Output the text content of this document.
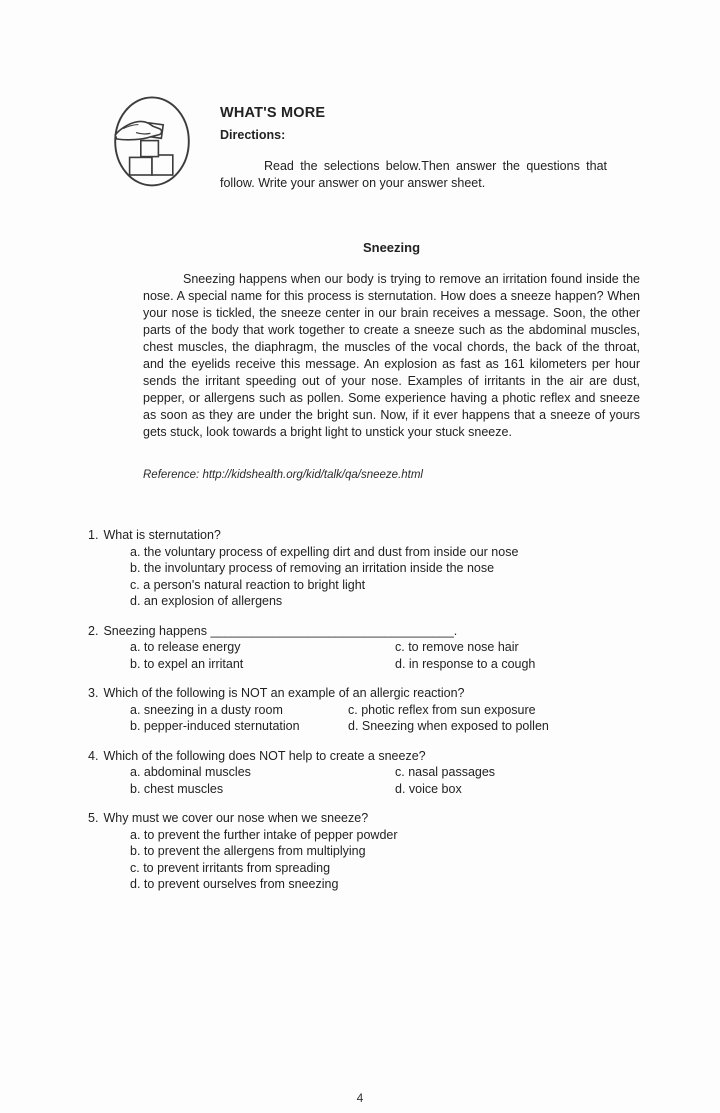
WHAT'S MORE
Directions:

Read the selections below.Then answer the questions that follow. Write your answer on your answer sheet.

Sneezing

Sneezing happens when our body is trying to remove an irritation found inside the nose. A special name for this process is sternutation. How does a sneeze happen? When your nose is tickled, the sneeze center in our brain receives a message. Soon, the other parts of the body that work together to create a sneeze such as the abdominal muscles, chest muscles, the diaphragm, the muscles of the vocal chords, the back of the throat, and the eyelids receive this message. An explosion as fast as 161 kilometers per hour sends the irritant speeding out of your nose. Examples of irritants in the air are dust, pepper, or allergens such as pollen. Some experience having a photic reflex and sneeze as soon as they are under the bright sun. Now, if it ever happens that a sneeze of yours gets stuck, look towards a bright light to unstick your stuck sneeze.

Reference: http://kidshealth.org/kid/talk/qa/sneeze.html

1. What is sternutation?
a. the voluntary process of expelling dirt and dust from inside our nose
b. the involuntary process of removing an irritation inside the nose
c. a person's natural reaction to bright light
d. an explosion of allergens
2. Sneezing happens ___________________________________.
a. to release energy	c. to remove nose hair
b. to expel an irritant	d. in response to a cough
3. Which of the following is NOT an example of an allergic reaction?
a. sneezing in a dusty room	c. photic reflex from sun exposure
b. pepper-induced sternutation	d. Sneezing when exposed to pollen
4. Which of the following does NOT help to create a sneeze?
a. abdominal muscles	c. nasal passages
b. chest muscles	d. voice box
5. Why must we cover our nose when we sneeze?
a. to prevent the further intake of pepper powder
b. to prevent the allergens from multiplying
c. to prevent irritants from spreading
d. to prevent ourselves from sneezing
4
